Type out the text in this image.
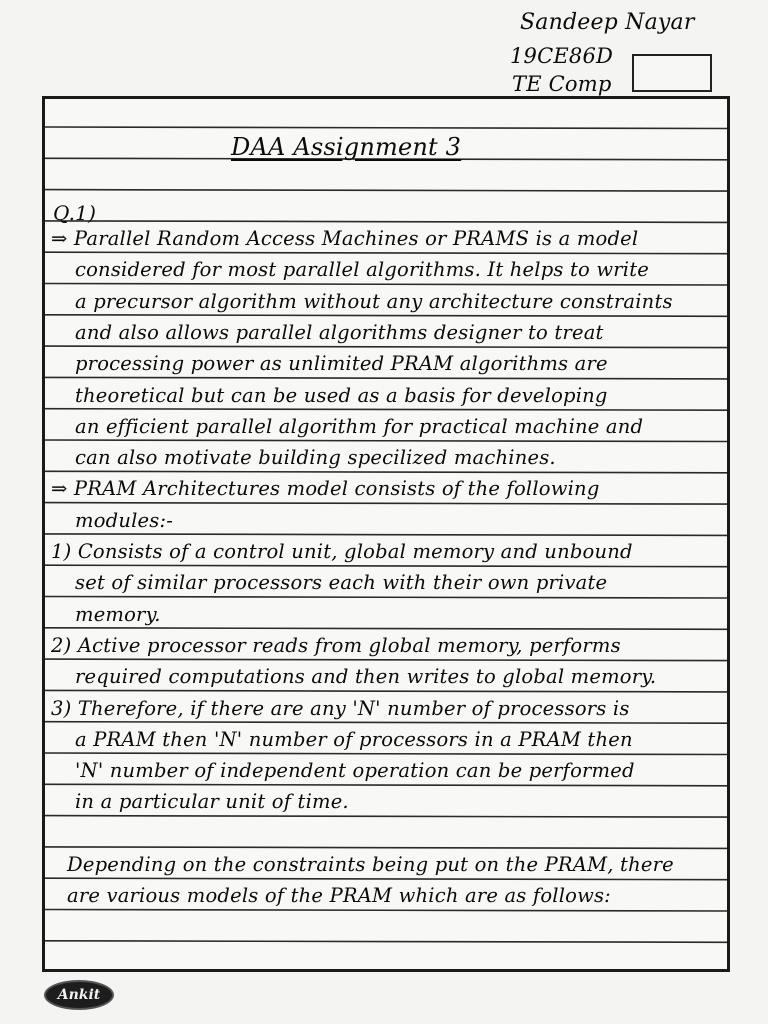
Sandeep Nayar
19CE86D
TE Comp
DAA Assignment 3
Q.1)
⇒ Parallel Random Access Machines or PRAMS is a model
considered for most parallel algorithms. It helps to write
a precursor algorithm without any architecture constraints
and also allows parallel algorithms designer to treat
processing power as unlimited PRAM algorithms are
theoretical but can be used as a basis for developing
an efficient parallel algorithm for practical machine and
can also motivate building specilized machines.
⇒ PRAM Architectures model consists of the following
modules:-
1) Consists of a control unit, global memory and unbound
set of similar processors each with their own private
memory.
2) Active processor reads from global memory, performs
required computations and then writes to global memory.
3) Therefore, if there are any 'N' number of processors is
a PRAM then 'N' number of processors in a PRAM then
'N' number of independent operation can be performed
in a particular unit of time.
Depending on the constraints being put on the PRAM, there
are various models of the PRAM which are as follows:
Ankit
